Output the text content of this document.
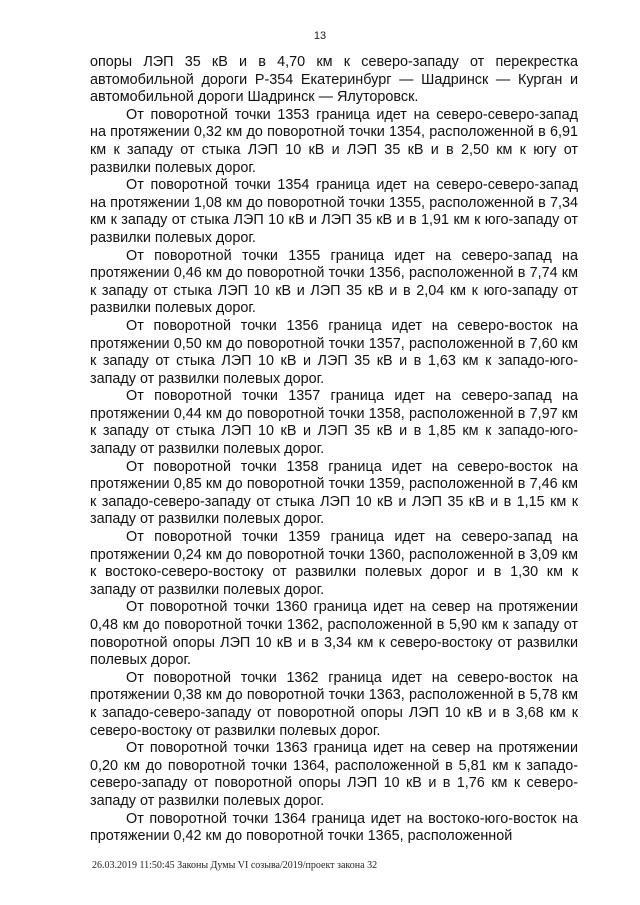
13

опоры ЛЭП 35 кВ и в 4,70 км к северо-западу от перекрестка автомобильной дороги Р-354 Екатеринбург — Шадринск — Курган и автомобильной дороги Шадринск — Ялуторовск.

От поворотной точки 1353 граница идет на северо-северо-запад на протяжении 0,32 км до поворотной точки 1354, расположенной в 6,91 км к западу от стыка ЛЭП 10 кВ и ЛЭП 35 кВ и в 2,50 км к югу от развилки полевых дорог.

От поворотной точки 1354 граница идет на северо-северо-запад на протяжении 1,08 км до поворотной точки 1355, расположенной в 7,34 км к западу от стыка ЛЭП 10 кВ и ЛЭП 35 кВ и в 1,91 км к юго-западу от развилки полевых дорог.

От поворотной точки 1355 граница идет на северо-запад на протяжении 0,46 км до поворотной точки 1356, расположенной в 7,74 км к западу от стыка ЛЭП 10 кВ и ЛЭП 35 кВ и в 2,04 км к юго-западу от развилки полевых дорог.

От поворотной точки 1356 граница идет на северо-восток на протяжении 0,50 км до поворотной точки 1357, расположенной в 7,60 км к западу от стыка ЛЭП 10 кВ и ЛЭП 35 кВ и в 1,63 км к западо-юго-западу от развилки полевых дорог.

От поворотной точки 1357 граница идет на северо-запад на протяжении 0,44 км до поворотной точки 1358, расположенной в 7,97 км к западу от стыка ЛЭП 10 кВ и ЛЭП 35 кВ и в 1,85 км к западо-юго-западу от развилки полевых дорог.

От поворотной точки 1358 граница идет на северо-восток на протяжении 0,85 км до поворотной точки 1359, расположенной в 7,46 км к западо-северо-западу от стыка ЛЭП 10 кВ и ЛЭП 35 кВ и в 1,15 км к западу от развилки полевых дорог.

От поворотной точки 1359 граница идет на северо-запад на протяжении 0,24 км до поворотной точки 1360, расположенной в 3,09 км к востоко-северо-востоку от развилки полевых дорог и в 1,30 км к западу от развилки полевых дорог.

От поворотной точки 1360 граница идет на север на протяжении 0,48 км до поворотной точки 1362, расположенной в 5,90 км к западу от поворотной опоры ЛЭП 10 кВ и в 3,34 км к северо-востоку от развилки полевых дорог.

От поворотной точки 1362 граница идет на северо-восток на протяжении 0,38 км до поворотной точки 1363, расположенной в 5,78 км к западо-северо-западу от поворотной опоры ЛЭП 10 кВ и в 3,68 км к северо-востоку от развилки полевых дорог.

От поворотной точки 1363 граница идет на север на протяжении 0,20 км до поворотной точки 1364, расположенной в 5,81 км к западо-северо-западу от поворотной опоры ЛЭП 10 кВ и в 1,76 км к северо-западу от развилки полевых дорог.

От поворотной точки 1364 граница идет на востоко-юго-восток на протяжении 0,42 км до поворотной точки 1365, расположенной

26.03.2019 11:50:45 Законы Думы VI созыва/2019/проект закона 32
